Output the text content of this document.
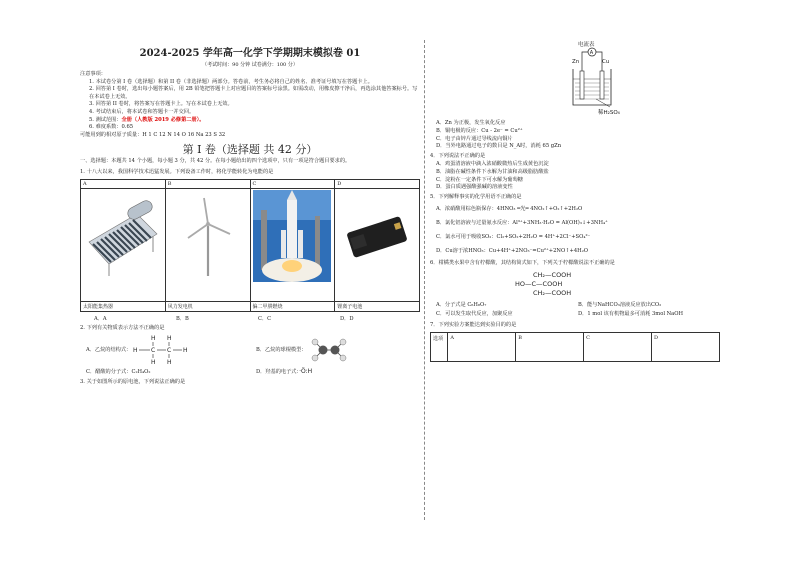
2024-2025 学年高一化学下学期期末模拟卷 01
（考试时间：90 分钟 试卷满分：100 分）

注意事项：

1. 本试卷分第 I 卷（选择题）和第 II 卷（非选择题）两部分。答卷前，考生务必将自己的姓名、准考证号填写在答题卡上。

2. 回答第 I 卷时，选出每小题答案后，用 2B 铅笔把答题卡上对应题目的答案标号涂黑。如需改动，用橡皮擦干净后，再选涂其他答案标号。写在本试卷上无效。

3. 回答第 II 卷时，将答案写在答题卡上。写在本试卷上无效。

4. 考试结束后，将本试卷和答题卡一并交回。

5. 测试范围：全册（人教版 2019 必修第二册）。

6. 难度系数：0.65

可能用到的相对原子质量：H 1 C 12 N 14 O 16 Na 23 S 32

第 I 卷（选择题 共 42 分）

一、选择题：本题共 14 个小题，每小题 3 分，共 42 分。在每小题给出的四个选项中，只有一项是符合题目要求的。

1. 十八大以来，我国科学技术迅猛发展。下列设备工作时，将化学能转化为电能的是

A	B	C	D

太阳能集热器	风力发电机	偏二甲肼燃烧	锂离子电池
A．A	B．B	C．C	D．D

2. 下列有关物质表示方法不正确的是

A．乙烷的结构式：
H H
H C C H
H H
B．乙烷的球棍模型：
C．醋酸的分子式：C₂H₄O₂	D．羟基的电子式：·Ö:H

3. 关于如图所示的原电池，下列说法正确的是

电流表
Zn	Cu
A
稀H₂SO₄

A．Zn 为正极，发生氧化反应

B．铜电极的反应：Cu - 2e⁻ = Cu²⁺

C．电子由锌片通过导线流向铜片

D．当外电路通过电子的数目是 N_A时，消耗 65 gZn

4．下列说法不正确的是

A．鸡蛋清溶液中滴入浓硝酸微热后生成黄色沉淀

B．油脂在碱性条件下水解为甘油和高级脂肪酸盐

C．淀粉在一定条件下可水解为葡萄糖

D．蛋白质遇强酸强碱的溶液变性

5．下列解释事实的化学用语不正确的是

A．浓硝酸用棕色瓶保存：4HNO₃ ═光═ 4NO₂↑+O₂↑+2H₂O

B．氯化铝溶液与过量氨水反应：Al³⁺+3NH₃·H₂O = Al(OH)₃↓+3NH₄⁺

C．氯水可用于吸收SO₂：Cl₂+SO₂+2H₂O = 4H⁺+2Cl⁻+SO₄²⁻

D．Cu溶于浓HNO₃：Cu+4H⁺+2NO₃⁻=Cu²⁺+2NO↑+4H₂O

6．柑橘类水果中含有柠檬酸，其结构简式如下，下列关于柠檬酸说法不正确的是

CH₂—COOH
HO—C—COOH
CH₂—COOH
A．分子式是 C₆H₈O₇	B．能与NaHCO₃溶液反应放出CO₂
C．可以发生取代反应，加聚反应	D．1 mol 该有机物最多可消耗 3mol NaOH

7．下列实验方案能达到实验目的的是

选项	A	B	C	D
